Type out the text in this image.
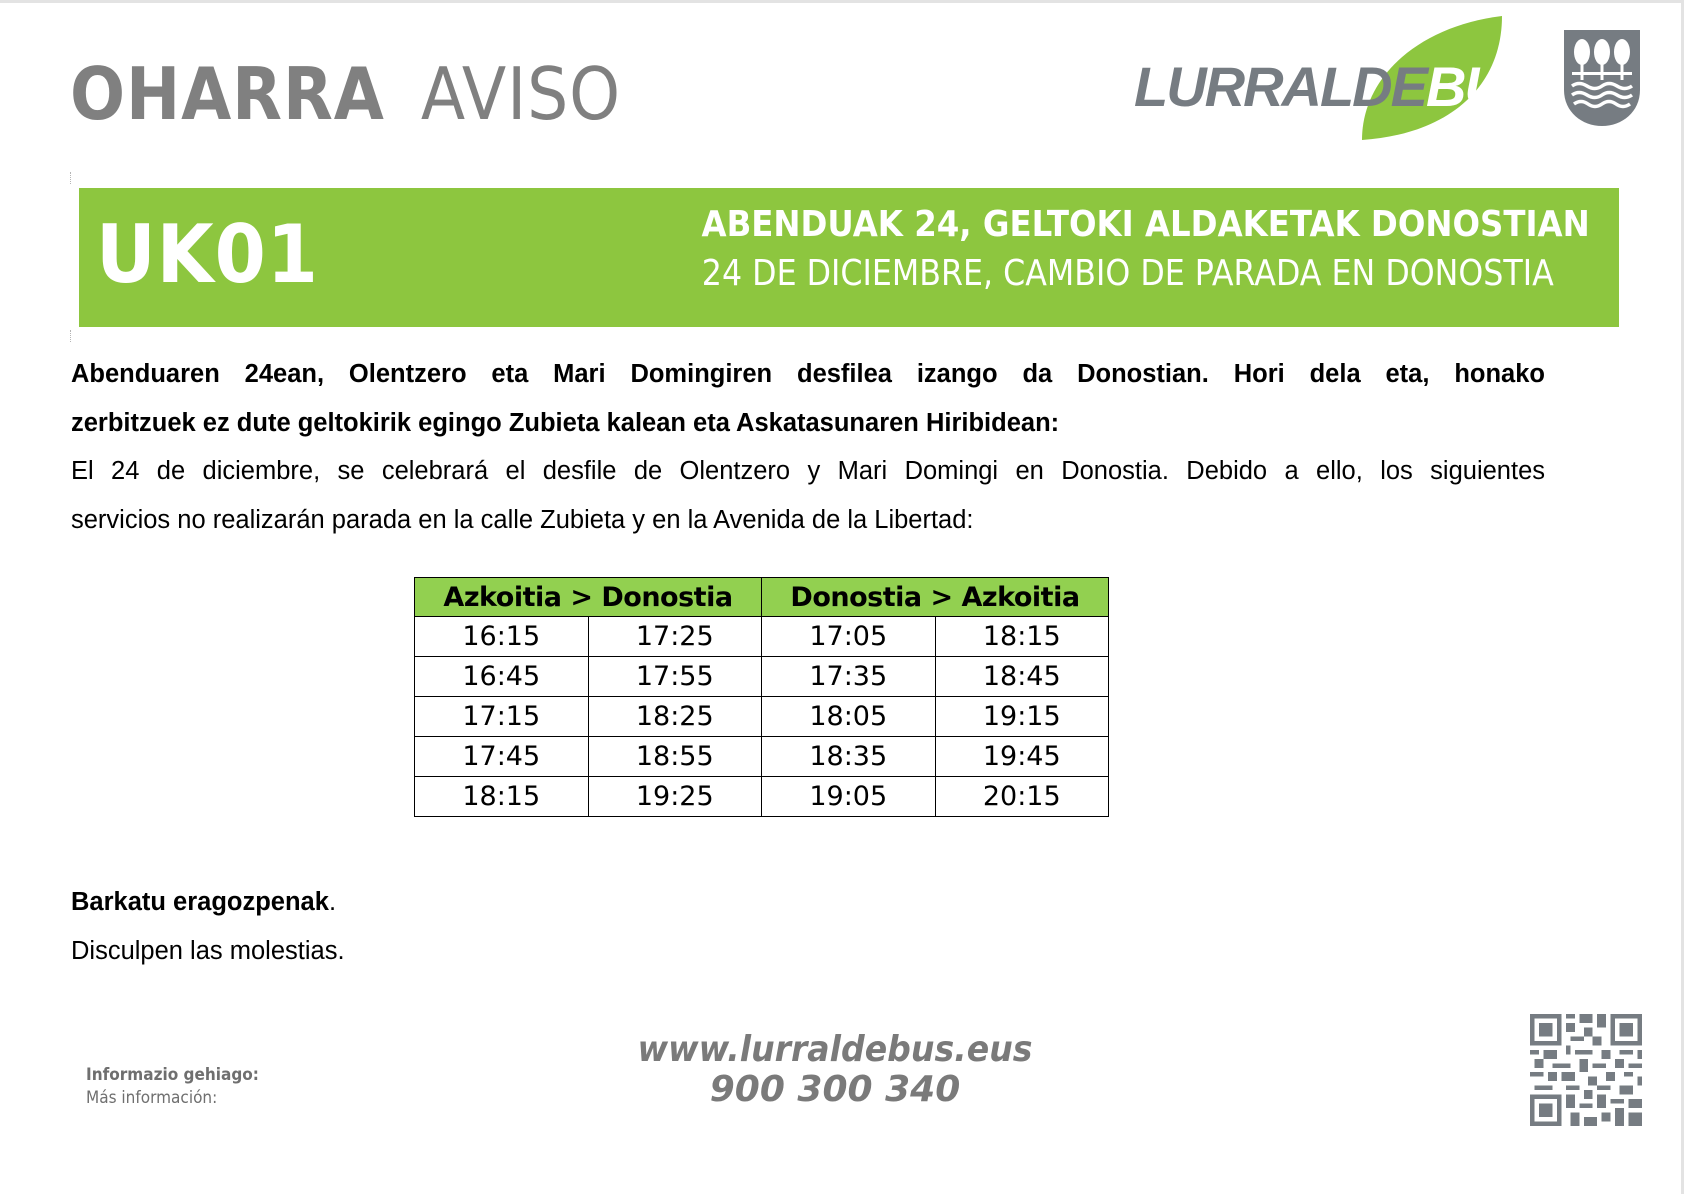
OHARRA AVISO	LURRALDEBUS
UK01	ABENDUAK 24, GELTOKI ALDAKETAK DONOSTIAN
24 DE DICIEMBRE, CAMBIO DE PARADA EN DONOSTIA

Abenduaren 24ean, Olentzero eta Mari Domingiren desfilea izango da Donostian. Hori dela eta, honako

zerbitzuek ez dute geltokirik egingo Zubieta kalean eta Askatasunaren Hiribidean:

El 24 de diciembre, se celebrará el desfile de Olentzero y Mari Domingi en Donostia. Debido a ello, los siguientes

servicios no realizarán parada en la calle Zubieta y en la Avenida de la Libertad:

Azkoitia > Donostia		Donostia > Azkoitia	
16:15	17:25	17:05	18:15
16:45	17:55	17:35	18:45
17:15	18:25	18:05	19:15
17:45	18:55	18:35	19:45
18:15	19:25	19:05	20:15

Barkatu eragozpenak.

Disculpen las molestias.

Informazio gehiago:
Más información:
www.lurraldebus.eus
900 300 340
